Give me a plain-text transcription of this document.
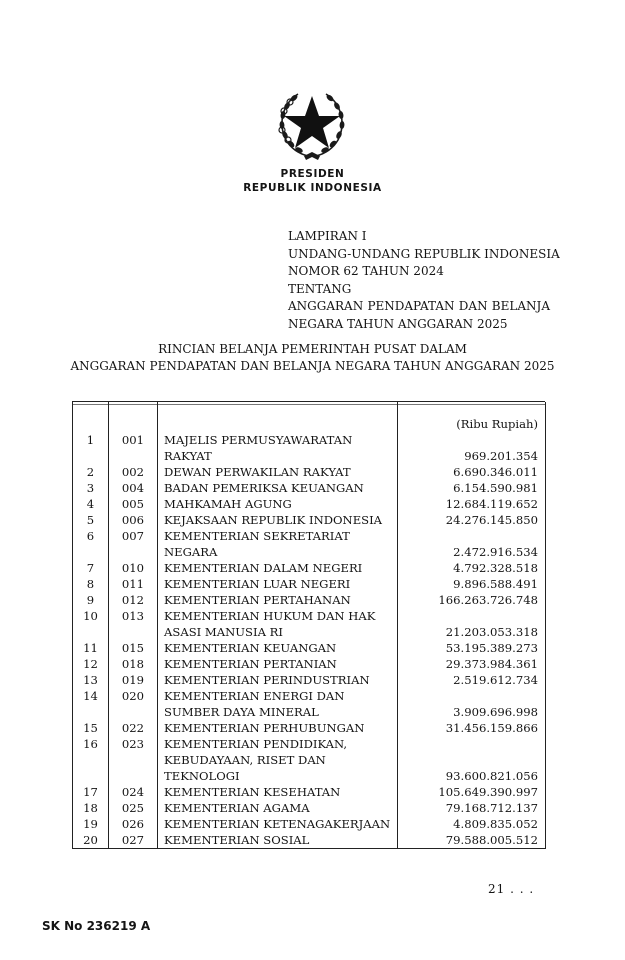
PRESIDEN
REPUBLIK INDONESIA
LAMPIRAN I
UNDANG-UNDANG REPUBLIK INDONESIA
NOMOR 62 TAHUN 2024
TENTANG
ANGGARAN PENDAPATAN DAN BELANJA
NEGARA TAHUN ANGGARAN 2025
RINCIAN BELANJA PEMERINTAH PUSAT DALAM
ANGGARAN PENDAPATAN DAN BELANJA NEGARA TAHUN ANGGARAN 2025
			(Ribu Rupiah)
1	001	MAJELIS PERMUSYAWARATAN
RAKYAT	969.201.354
2	002	DEWAN PERWAKILAN RAKYAT	6.690.346.011
3	004	BADAN PEMERIKSA KEUANGAN	6.154.590.981
4	005	MAHKAMAH AGUNG	12.684.119.652
5	006	KEJAKSAAN REPUBLIK INDONESIA	24.276.145.850
6	007	KEMENTERIAN SEKRETARIAT
NEGARA	2.472.916.534
7	010	KEMENTERIAN DALAM NEGERI	4.792.328.518
8	011	KEMENTERIAN LUAR NEGERI	9.896.588.491
9	012	KEMENTERIAN PERTAHANAN	166.263.726.748
10	013	KEMENTERIAN HUKUM DAN HAK
ASASI MANUSIA RI	21.203.053.318
11	015	KEMENTERIAN KEUANGAN	53.195.389.273
12	018	KEMENTERIAN PERTANIAN	29.373.984.361
13	019	KEMENTERIAN PERINDUSTRIAN	2.519.612.734
14	020	KEMENTERIAN ENERGI DAN
SUMBER DAYA MINERAL	3.909.696.998
15	022	KEMENTERIAN PERHUBUNGAN	31.456.159.866
16	023	KEMENTERIAN PENDIDIKAN,
KEBUDAYAAN, RISET DAN
TEKNOLOGI	93.600.821.056
17	024	KEMENTERIAN KESEHATAN	105.649.390.997
18	025	KEMENTERIAN AGAMA	79.168.712.137
19	026	KEMENTERIAN KETENAGAKERJAAN	4.809.835.052
20	027	KEMENTERIAN SOSIAL	79.588.005.512
21 . . .
SK No 236219 A
